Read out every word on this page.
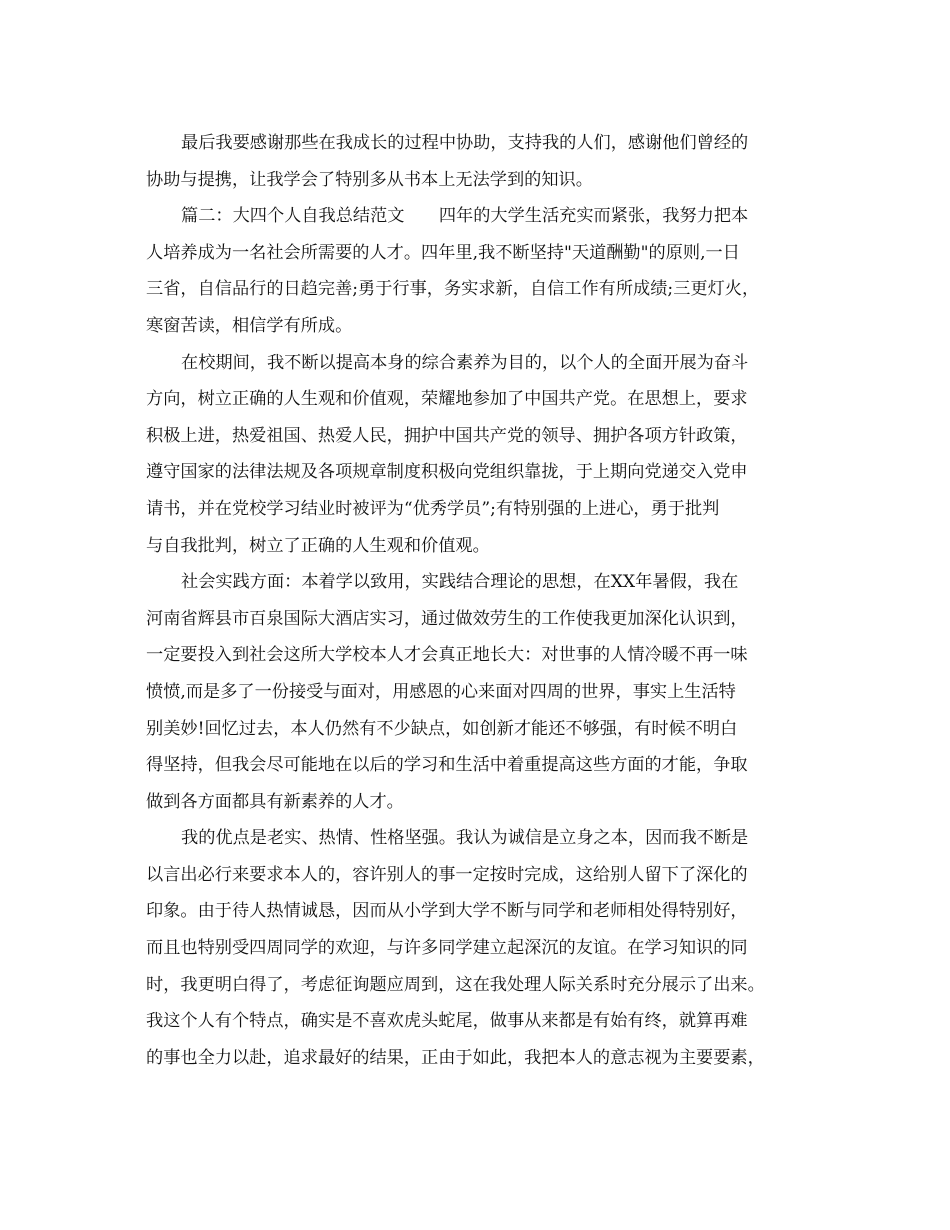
最后我要感谢那些在我成长的过程中协助，支持我的人们，感谢他们曾经的
协助与提携，让我学会了特别多从书本上无法学到的知识。
篇二：大四个人自我总结范文　　四年的大学生活充实而紧张，我努力把本
人培养成为一名社会所需要的人才。四年里,我不断坚持"天道酬勤"的原则,一日
三省，自信品行的日趋完善;勇于行事，务实求新，自信工作有所成绩;三更灯火，
寒窗苦读，相信学有所成。
在校期间，我不断以提高本身的综合素养为目的，以个人的全面开展为奋斗
方向，树立正确的人生观和价值观，荣耀地参加了中国共产党。在思想上，要求
积极上进，热爱祖国、热爱人民，拥护中国共产党的领导、拥护各项方针政策，
遵守国家的法律法规及各项规章制度积极向党组织靠拢，于上期向党递交入党申
请书，并在党校学习结业时被评为“优秀学员”;有特别强的上进心，勇于批判
与自我批判，树立了正确的人生观和价值观。
社会实践方面：本着学以致用，实践结合理论的思想，在XX年暑假，我在
河南省辉县市百泉国际大酒店实习，通过做效劳生的工作使我更加深化认识到，
一定要投入到社会这所大学校本人才会真正地长大：对世事的人情冷暖不再一味
愤愤,而是多了一份接受与面对，用感恩的心来面对四周的世界，事实上生活特
别美妙!回忆过去，本人仍然有不少缺点，如创新才能还不够强，有时候不明白
得坚持，但我会尽可能地在以后的学习和生活中着重提高这些方面的才能，争取
做到各方面都具有新素养的人才。
我的优点是老实、热情、性格坚强。我认为诚信是立身之本，因而我不断是
以言出必行来要求本人的，容许别人的事一定按时完成，这给别人留下了深化的
印象。由于待人热情诚恳，因而从小学到大学不断与同学和老师相处得特别好，
而且也特别受四周同学的欢迎，与许多同学建立起深沉的友谊。在学习知识的同
时，我更明白得了，考虑征询题应周到，这在我处理人际关系时充分展示了出来。
我这个人有个特点，确实是不喜欢虎头蛇尾，做事从来都是有始有终，就算再难
的事也全力以赴，追求最好的结果，正由于如此，我把本人的意志视为主要要素，
